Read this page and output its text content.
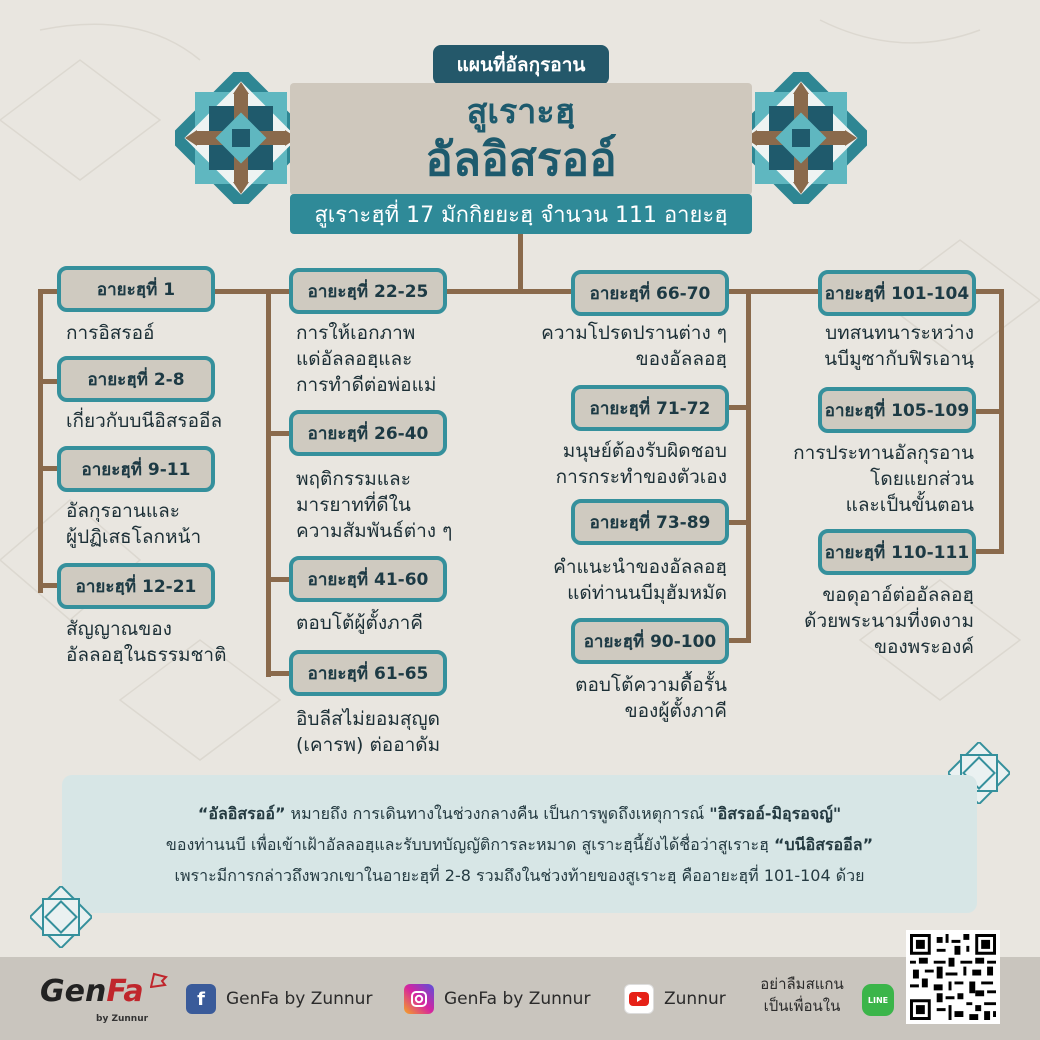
แผนที่อัลกุรอาน
สูเราะฮฺ
อัลอิสรออ์
สูเราะฮฺที่ 17 มักกิยยะฮฺ จำนวน 111 อายะฮฺ
อายะฮฺที่ 1
การอิสรออ์
อายะฮฺที่ 2-8
เกี่ยวกับบนีอิสรออีล
อายะฮฺที่ 9-11
อัลกุรอานและ
ผู้ปฏิเสธโลกหน้า
อายะฮฺที่ 12-21
สัญญาณของ
อัลลอฮฺในธรรมชาติ
อายะฮฺที่ 22-25
การให้เอกภาพ
แด่อัลลอฮฺและ
การทำดีต่อพ่อแม่
อายะฮฺที่ 26-40
พฤติกรรมและ
มารยาทที่ดีใน
ความสัมพันธ์ต่าง ๆ
อายะฮฺที่ 41-60
ตอบโต้ผู้ตั้งภาคี
อายะฮฺที่ 61-65
อิบลีสไม่ยอมสุญูด
(เคารพ) ต่ออาดัม
อายะฮฺที่ 66-70
ความโปรดปรานต่าง ๆ
ของอัลลอฮฺ
อายะฮฺที่ 71-72
มนุษย์ต้องรับผิดชอบ
การกระทำของตัวเอง
อายะฮฺที่ 73-89
คำแนะนำของอัลลอฮฺ
แด่ท่านนบีมุฮัมหมัด
อายะฮฺที่ 90-100
ตอบโต้ความดื้อรั้น
ของผู้ตั้งภาคี
อายะฮฺที่ 101-104
บทสนทนาระหว่าง
นบีมูซากับฟิรเอานฺ
อายะฮฺที่ 105-109
การประทานอัลกุรอาน
โดยแยกส่วน
และเป็นขั้นตอน
อายะฮฺที่ 110-111
ขอดุอาอ์ต่ออัลลอฮฺ
ด้วยพระนามที่งดงาม
ของพระองค์
“อัลอิสรออ์” หมายถึง การเดินทางในช่วงกลางคืน เป็นการพูดถึงเหตุการณ์ "อิสรออ์-มิอฺรอจญ์"
ของท่านนบี เพื่อเข้าเฝ้าอัลลอฮฺและรับบทบัญญัติการละหมาด สูเราะฮฺนี้ยังได้ชื่อว่าสูเราะฮฺ “บนีอิสรออีล”
เพราะมีการกล่าวถึงพวกเขาในอายะฮฺที่ 2-8 รวมถึงในช่วงท้ายของสูเราะฮฺ คืออายะฮฺที่ 101-104 ด้วย
GenFa
by Zunnur
f	GenFa by Zunnur	GenFa by Zunnur	Zunnur
อย่าลืมสแกน
เป็นเพื่อนใน	LINE
